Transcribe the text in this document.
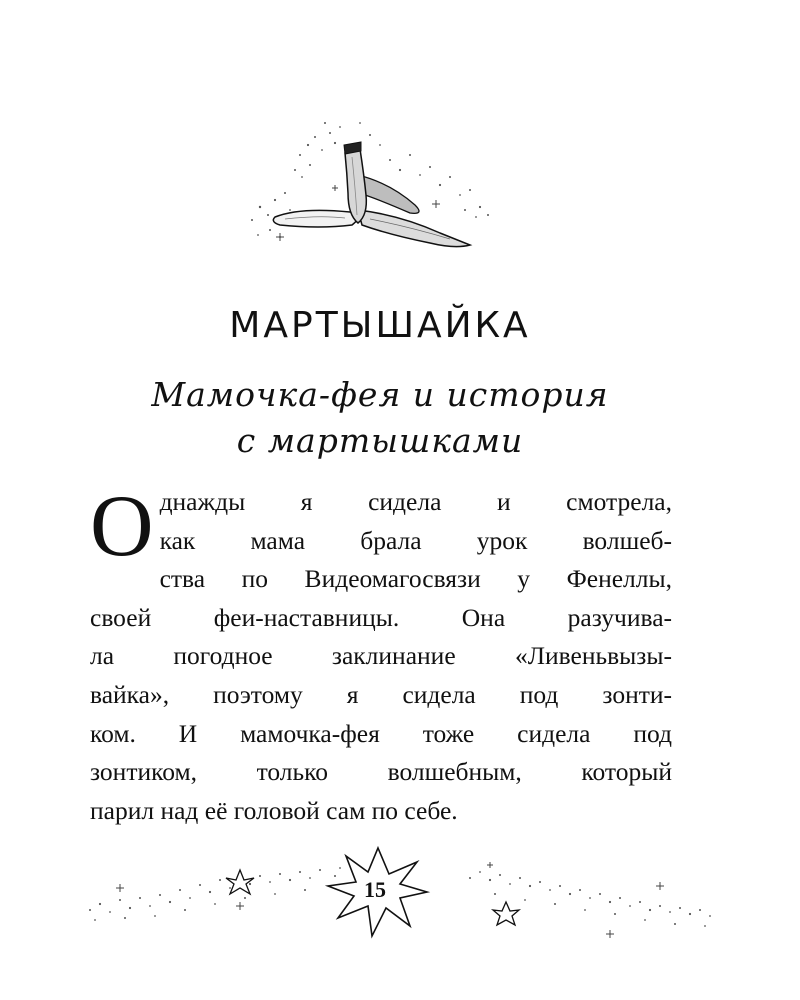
МАРТЫШАЙКА
Мамочка-фея и история
с мартышками
О днажды я сидела и смотрела,
как мама брала урок волшеб-
ства по Видеомагосвязи у Фенеллы,
своей феи-наставницы. Она разучива-
ла погодное заклинание «Ливеньвызы-
вайка», поэтому я сидела под зонти-
ком. И мамочка-фея тоже сидела под
зонтиком, только волшебным, который
парил над её головой сам по себе.
15
